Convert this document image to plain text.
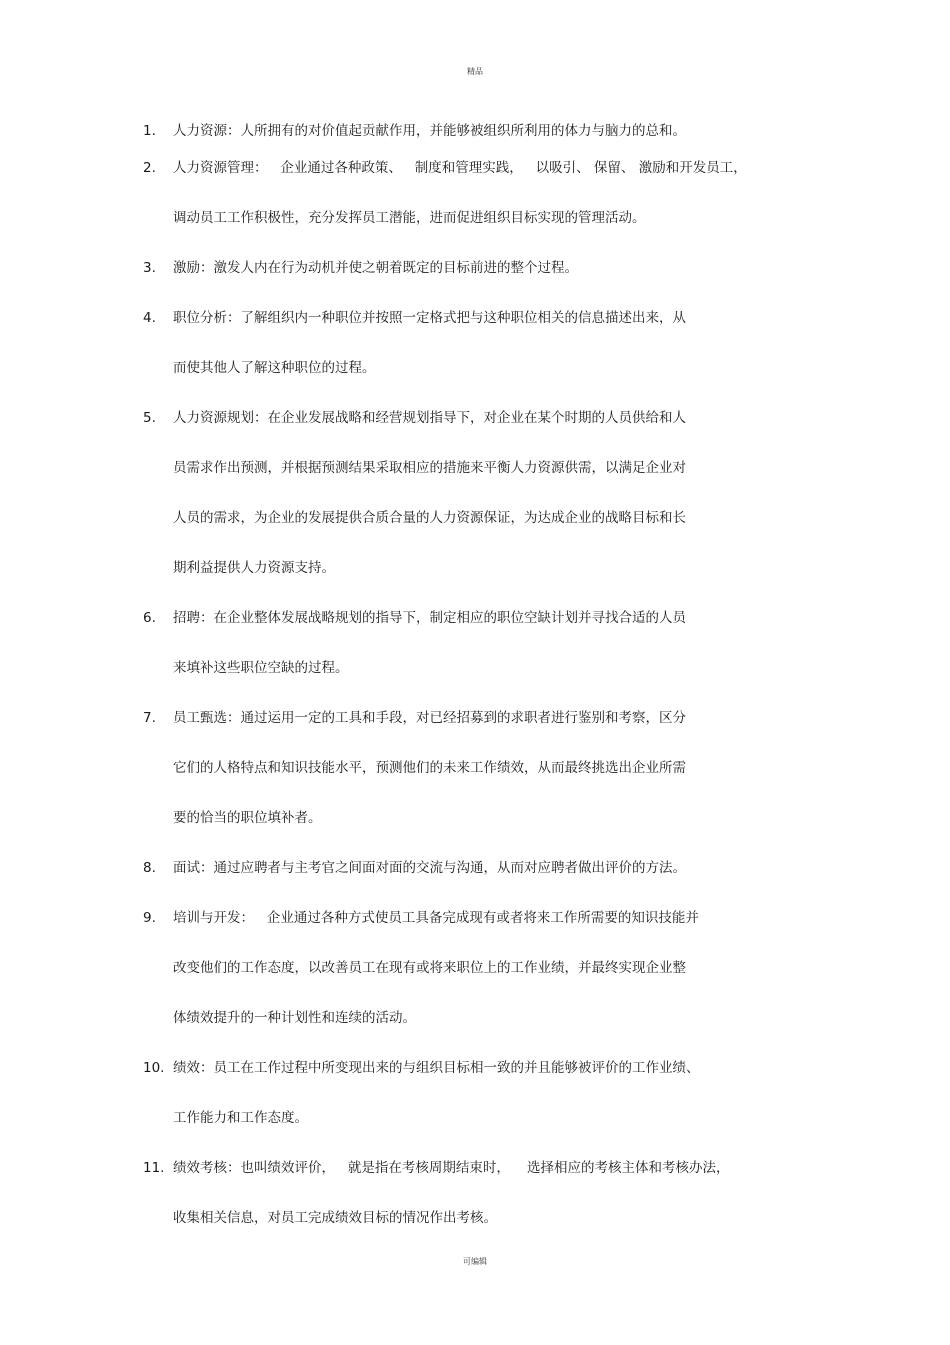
精品
1.	人力资源：人所拥有的对价值起贡献作用，并能够被组织所利用的体力与脑力的总和。
2.	人力资源管理：   企业通过各种政策、   制度和管理实践，   以吸引、 保留、 激励和开发员工，
调动员工工作积极性，充分发挥员工潜能，进而促进组织目标实现的管理活动。
3.	激励：激发人内在行为动机并使之朝着既定的目标前进的整个过程。
4.	职位分析：了解组织内一种职位并按照一定格式把与这种职位相关的信息描述出来，从
而使其他人了解这种职位的过程。
5.	人力资源规划：在企业发展战略和经营规划指导下，对企业在某个时期的人员供给和人
员需求作出预测，并根据预测结果采取相应的措施来平衡人力资源供需，以满足企业对
人员的需求，为企业的发展提供合质合量的人力资源保证，为达成企业的战略目标和长
期利益提供人力资源支持。
6.	招聘：在企业整体发展战略规划的指导下，制定相应的职位空缺计划并寻找合适的人员
来填补这些职位空缺的过程。
7.	员工甄选：通过运用一定的工具和手段，对已经招募到的求职者进行鉴别和考察，区分
它们的人格特点和知识技能水平，预测他们的未来工作绩效，从而最终挑选出企业所需
要的恰当的职位填补者。
8.	面试：通过应聘者与主考官之间面对面的交流与沟通，从而对应聘者做出评价的方法。
9.	培训与开发：   企业通过各种方式使员工具备完成现有或者将来工作所需要的知识技能并
改变他们的工作态度，以改善员工在现有或将来职位上的工作业绩，并最终实现企业整
体绩效提升的一种计划性和连续的活动。
10. 绩效：员工在工作过程中所变现出来的与组织目标相一致的并且能够被评价的工作业绩、
工作能力和工作态度。
11. 绩效考核：也叫绩效评价，   就是指在考核周期结束时，    选择相应的考核主体和考核办法，
收集相关信息，对员工完成绩效目标的情况作出考核。
可编辑
